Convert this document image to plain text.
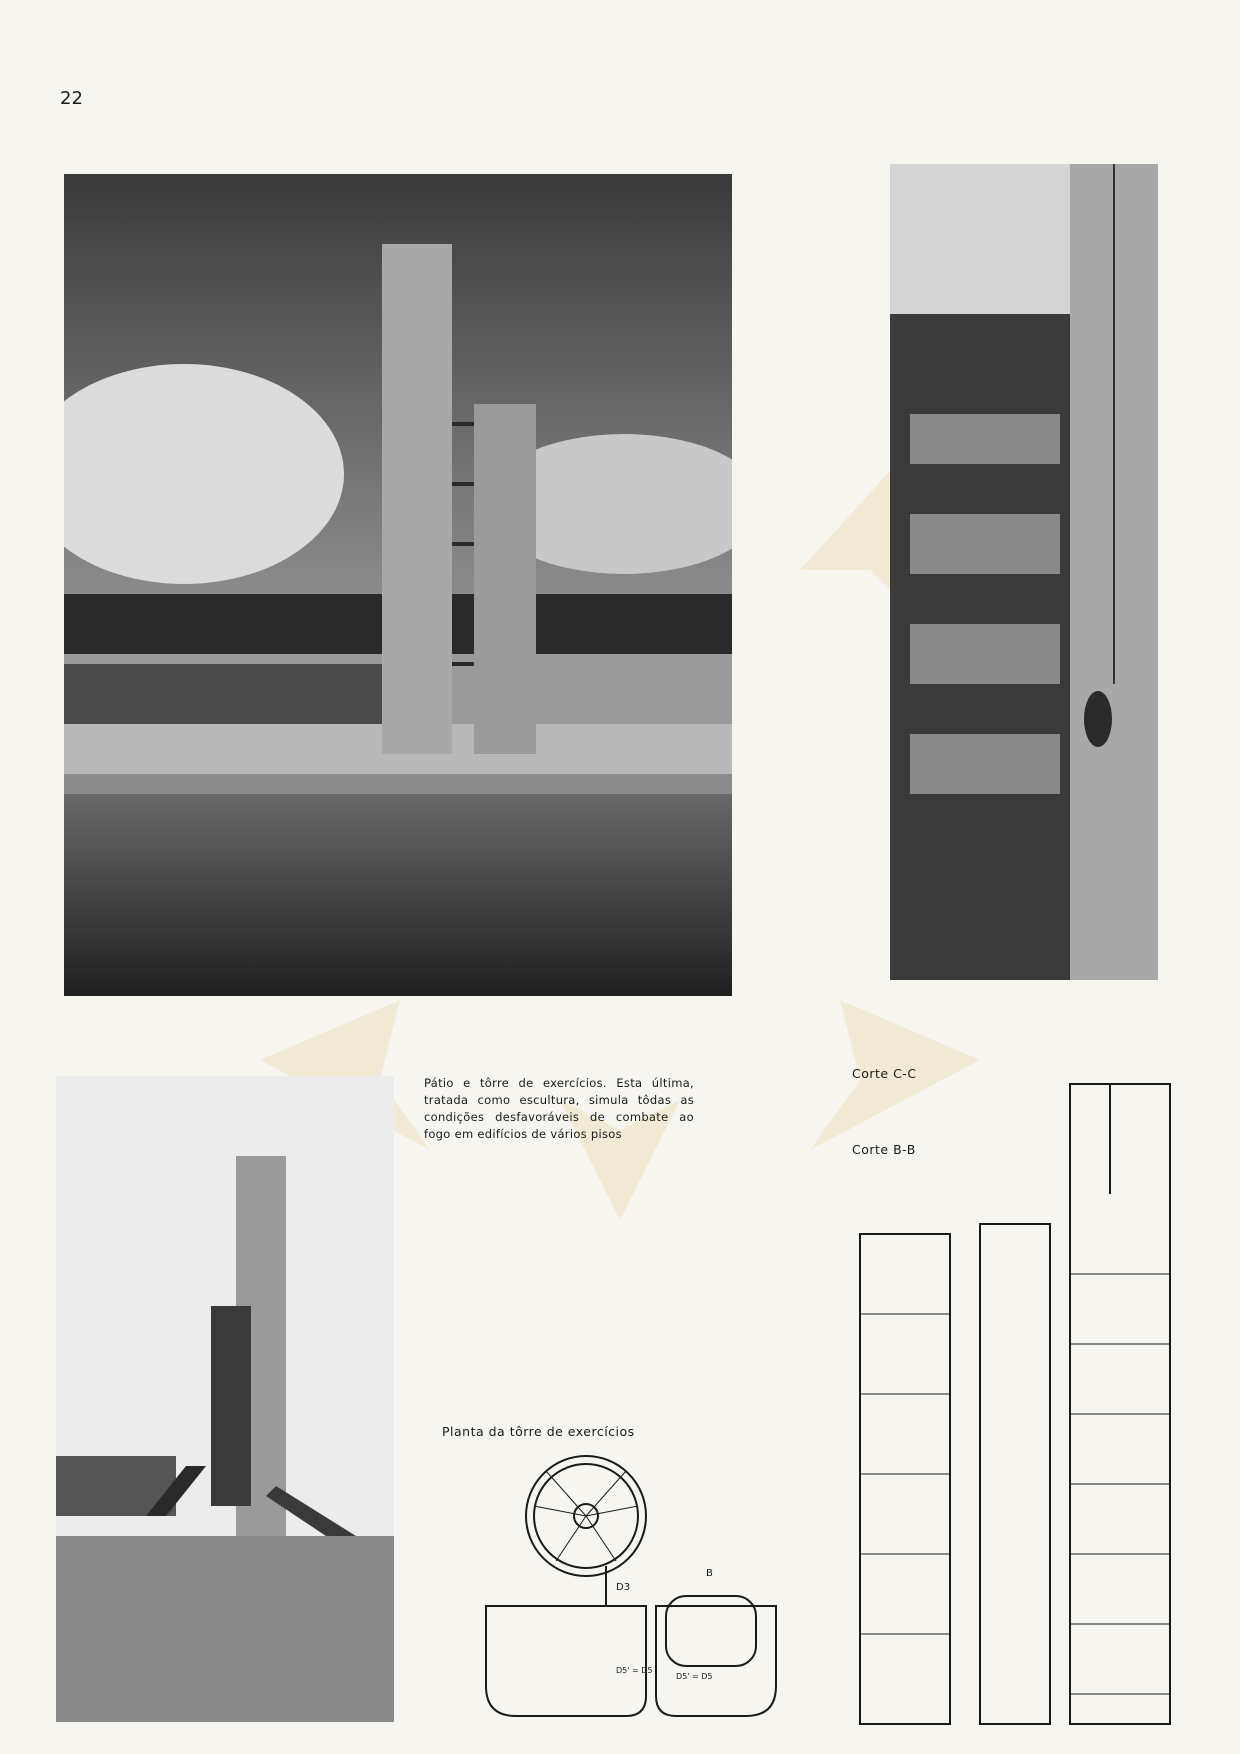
22
Pátio e tôrre de exercícios. Esta última, tratada como escultura, simula tôdas as condições desfavoráveis de combate ao fogo em edifícios de vários pisos
Corte C-C
Corte B-B
Planta da tôrre de exercícios
D3
B
D5' = D5
D5' = D5
